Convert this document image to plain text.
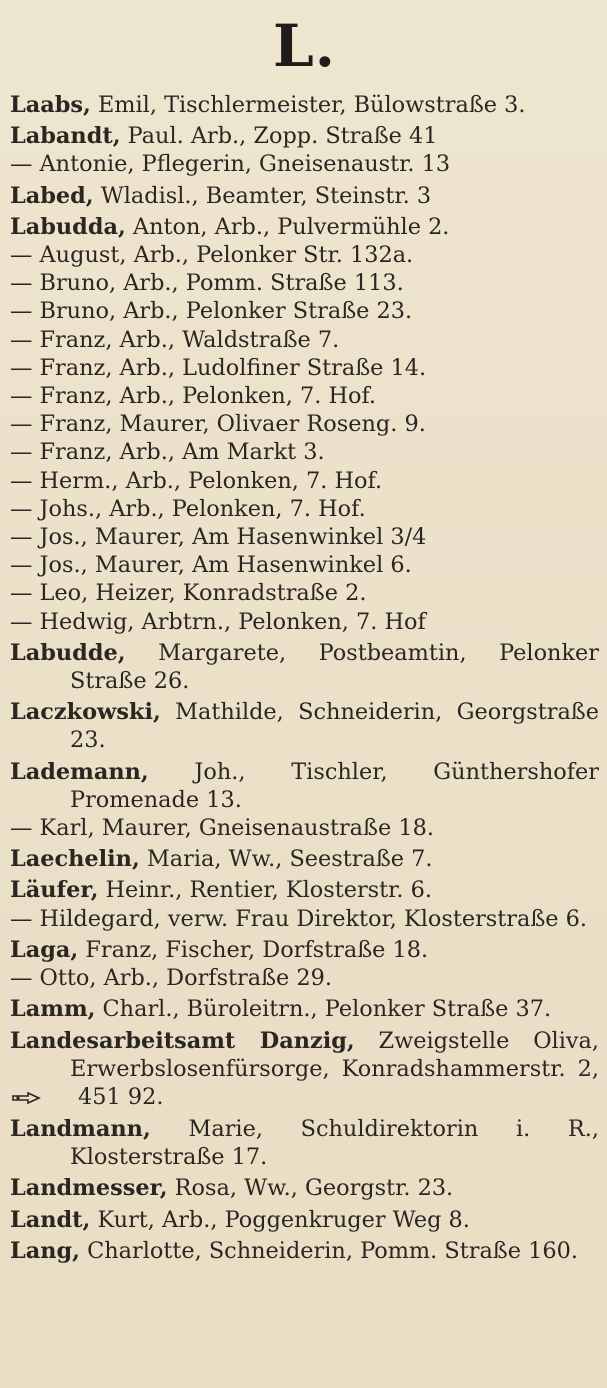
L.

Laabs, Emil, Tischlermeister, Bülowstraße 3.

Labandt, Paul. Arb., Zopp. Straße 41

— Antonie, Pflegerin, Gneisenaustr. 13

Labed, Wladisl., Beamter, Steinstr. 3

Labudda, Anton, Arb., Pulvermühle 2.

— August, Arb., Pelonker Str. 132a.

— Bruno, Arb., Pomm. Straße 113.

— Bruno, Arb., Pelonker Straße 23.

— Franz, Arb., Waldstraße 7.

— Franz, Arb., Ludolfiner Straße 14.

— Franz, Arb., Pelonken, 7. Hof.

— Franz, Maurer, Olivaer Roseng. 9.

— Franz, Arb., Am Markt 3.

— Herm., Arb., Pelonken, 7. Hof.

— Johs., Arb., Pelonken, 7. Hof.

— Jos., Maurer, Am Hasenwinkel 3/4

— Jos., Maurer, Am Hasenwinkel 6.

— Leo, Heizer, Konradstraße 2.

— Hedwig, Arbtrn., Pelonken, 7. Hof

Labudde, Margarete, Postbeamtin, Pelonker Straße 26.

Laczkowski, Mathilde, Schneiderin, Georgstraße 23.

Lademann, Joh., Tischler, Günthershofer Promenade 13.

— Karl, Maurer, Gneisenaustraße 18.

Laechelin, Maria, Ww., Seestraße 7.

Läufer, Heinr., Rentier, Klosterstr. 6.

— Hildegard, verw. Frau Direktor, Klosterstraße 6.

Laga, Franz, Fischer, Dorfstraße 18.

— Otto, Arb., Dorfstraße 29.

Lamm, Charl., Büroleitrn., Pelonker Straße 37.

Landesarbeitsamt Danzig, Zweigstelle Oliva, Erwerbslosenfürsorge, Konradshammerstr. 2, 451 92.

Landmann, Marie, Schuldirektorin i. R., Klosterstraße 17.

Landmesser, Rosa, Ww., Georgstr. 23.

Landt, Kurt, Arb., Poggenkruger Weg 8.

Lang, Charlotte, Schneiderin, Pomm. Straße 160.
